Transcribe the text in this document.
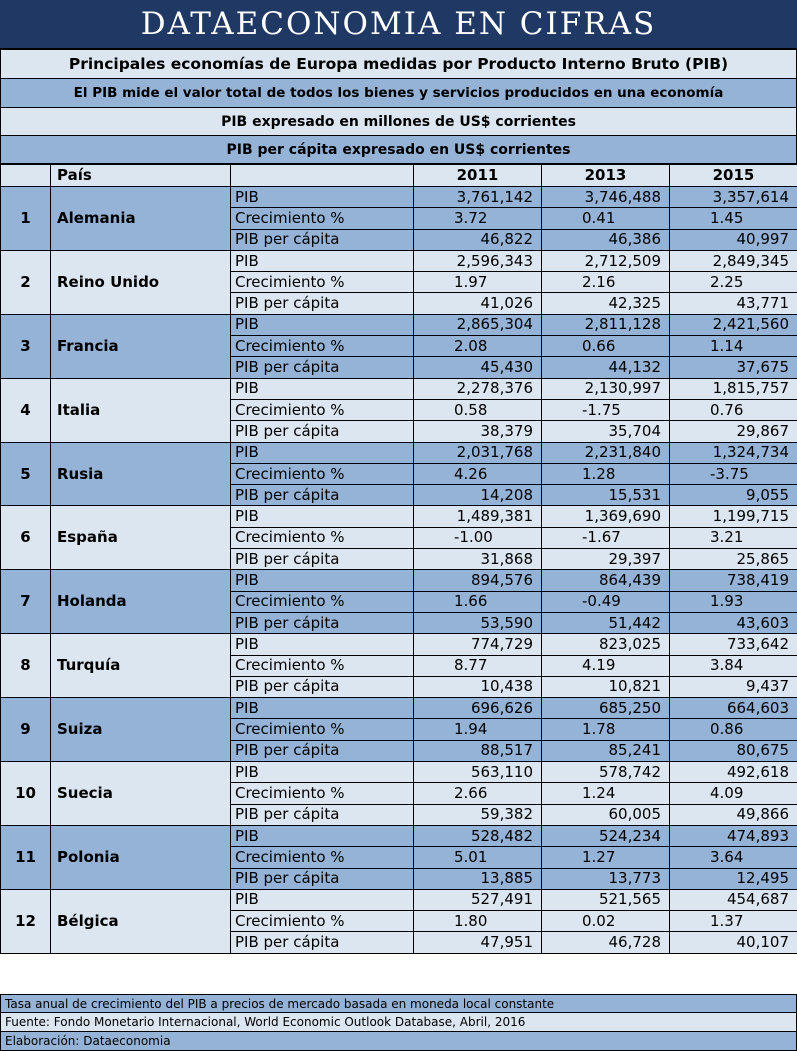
DATAECONOMIA EN CIFRAS
Principales economías de Europa medidas por Producto Interno Bruto (PIB)
El PIB mide el valor total de todos los bienes y servicios producidos en una economía
PIB expresado en millones de US$ corrientes
PIB per cápita expresado en US$ corrientes
	País		2011	2013	2015
1	Alemania	PIB	3,761,142	3,746,488	3,357,614
		Crecimiento %	3.72	0.41	1.45
		PIB per cápita	46,822	46,386	40,997
2	Reino Unido	PIB	2,596,343	2,712,509	2,849,345
		Crecimiento %	1.97	2.16	2.25
		PIB per cápita	41,026	42,325	43,771
3	Francia	PIB	2,865,304	2,811,128	2,421,560
		Crecimiento %	2.08	0.66	1.14
		PIB per cápita	45,430	44,132	37,675
4	Italia	PIB	2,278,376	2,130,997	1,815,757
		Crecimiento %	0.58	-1.75	0.76
		PIB per cápita	38,379	35,704	29,867
5	Rusia	PIB	2,031,768	2,231,840	1,324,734
		Crecimiento %	4.26	1.28	-3.75
		PIB per cápita	14,208	15,531	9,055
6	España	PIB	1,489,381	1,369,690	1,199,715
		Crecimiento %	-1.00	-1.67	3.21
		PIB per cápita	31,868	29,397	25,865
7	Holanda	PIB	894,576	864,439	738,419
		Crecimiento %	1.66	-0.49	1.93
		PIB per cápita	53,590	51,442	43,603
8	Turquía	PIB	774,729	823,025	733,642
		Crecimiento %	8.77	4.19	3.84
		PIB per cápita	10,438	10,821	9,437
9	Suiza	PIB	696,626	685,250	664,603
		Crecimiento %	1.94	1.78	0.86
		PIB per cápita	88,517	85,241	80,675
10	Suecia	PIB	563,110	578,742	492,618
		Crecimiento %	2.66	1.24	4.09
		PIB per cápita	59,382	60,005	49,866
11	Polonia	PIB	528,482	524,234	474,893
		Crecimiento %	5.01	1.27	3.64
		PIB per cápita	13,885	13,773	12,495
12	Bélgica	PIB	527,491	521,565	454,687
		Crecimiento %	1.80	0.02	1.37
		PIB per cápita	47,951	46,728	40,107
Tasa anual de crecimiento del PIB a precios de mercado basada en moneda local constante
Fuente: Fondo Monetario Internacional, World Economic Outlook Database, Abril, 2016
Elaboración: Dataeconomia
